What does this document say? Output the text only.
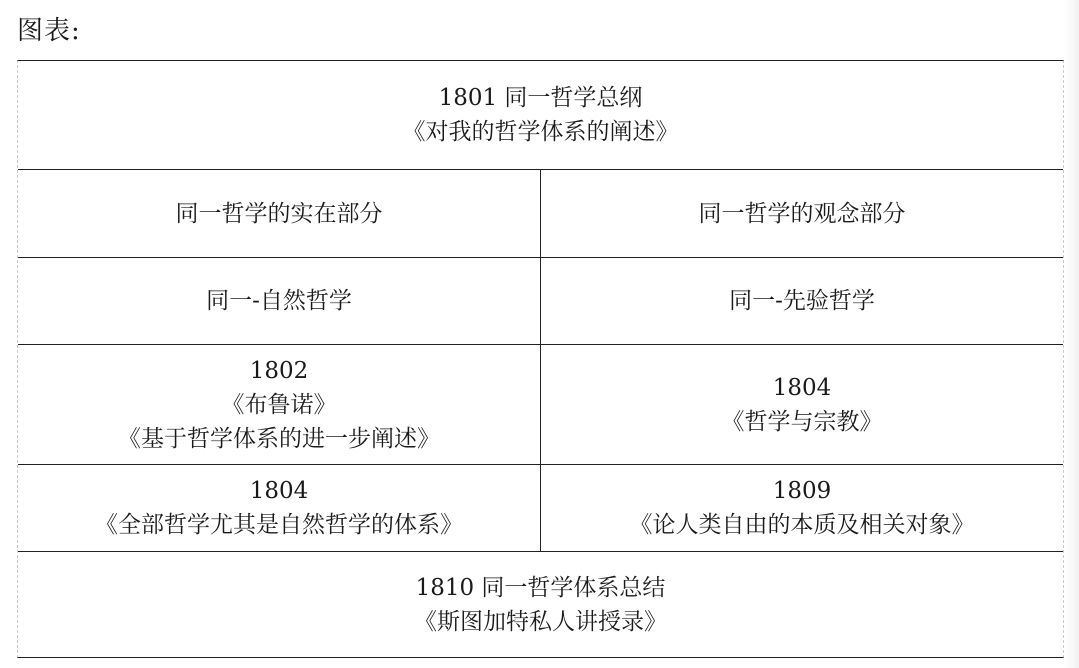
图表:
1801 同一哲学总纲
《对我的哲学体系的阐述》
同一哲学的实在部分	同一哲学的观念部分
同一-自然哲学	同一-先验哲学
1802
《布鲁诺》
《基于哲学体系的进一步阐述》
1804
《哲学与宗教》
1804
《全部哲学尤其是自然哲学的体系》
1809
《论人类自由的本质及相关对象》
1810 同一哲学体系总结
《斯图加特私人讲授录》
